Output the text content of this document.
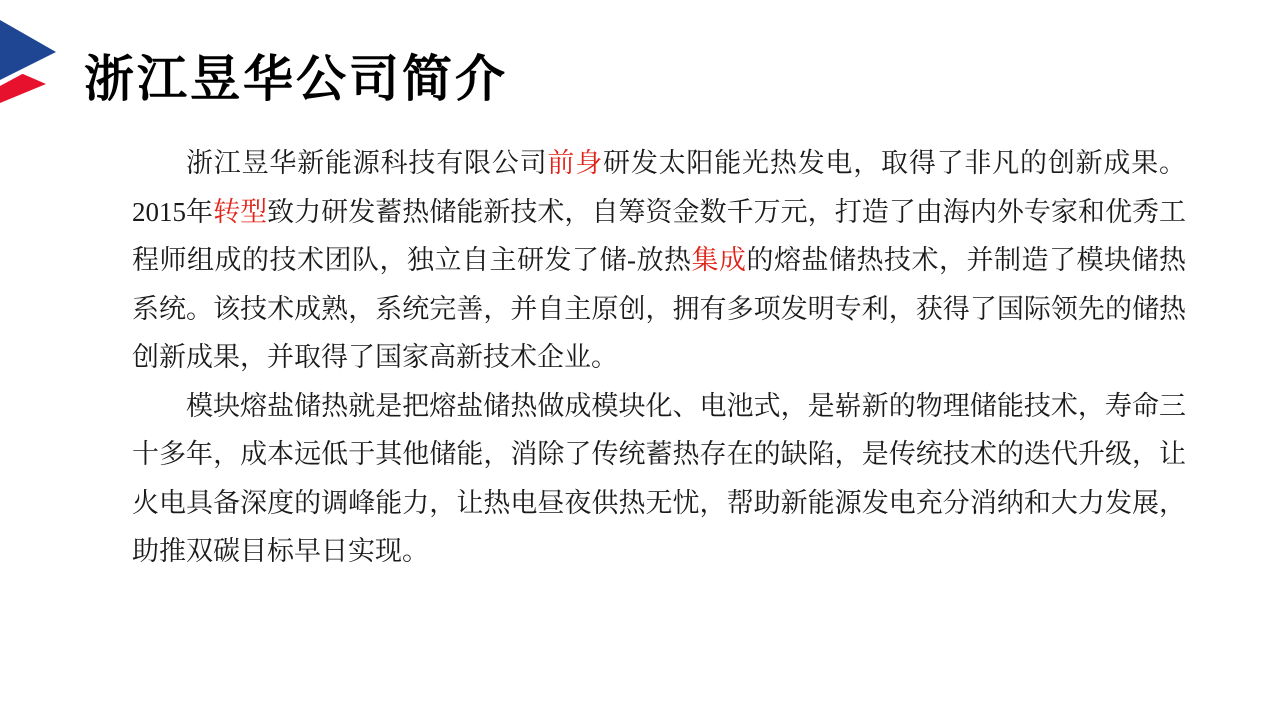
浙江昱华公司简介

浙江昱华新能源科技有限公司前身研发太阳能光热发电，取得了非凡的创新成果。2015年转型致力研发蓄热储能新技术，自筹资金数千万元，打造了由海内外专家和优秀工程师组成的技术团队，独立自主研发了储-放热集成的熔盐储热技术，并制造了模块储热系统。该技术成熟，系统完善，并自主原创，拥有多项发明专利，获得了国际领先的储热创新成果，并取得了国家高新技术企业。

模块熔盐储热就是把熔盐储热做成模块化、电池式，是崭新的物理储能技术，寿命三十多年，成本远低于其他储能，消除了传统蓄热存在的缺陷，是传统技术的迭代升级，让火电具备深度的调峰能力，让热电昼夜供热无忧，帮助新能源发电充分消纳和大力发展，助推双碳目标早日实现。
